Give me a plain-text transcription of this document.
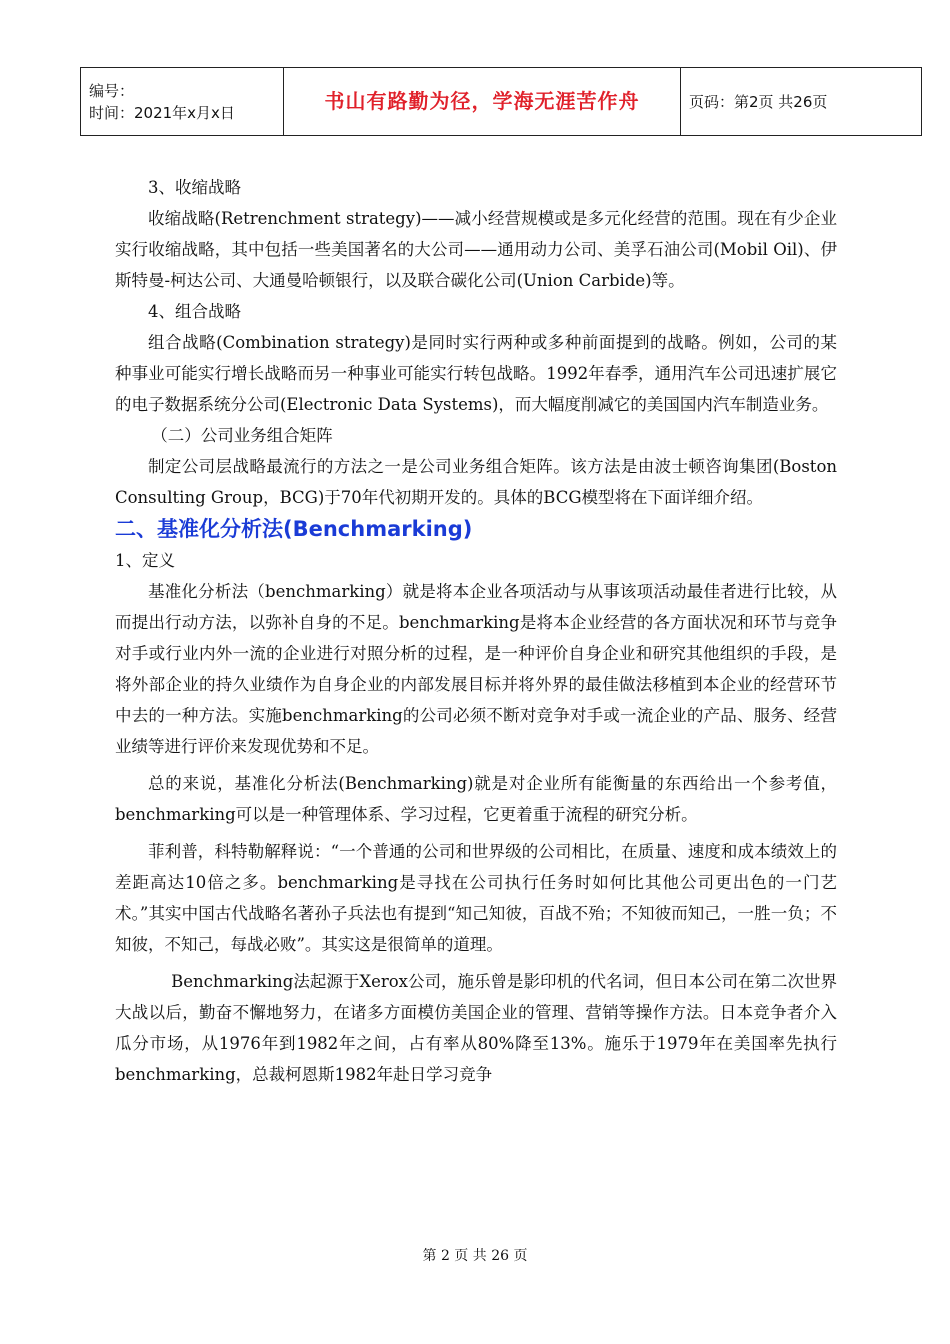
编号：
时间：2021年x月x日	书山有路勤为径，学海无涯苦作舟	页码：第2页 共26页

3、收缩战略

收缩战略(Retrenchment strategy)——减小经营规模或是多元化经营的范围。现在有少企业实行收缩战略，其中包括一些美国著名的大公司——通用动力公司、美孚石油公司(Mobil Oil)、伊斯特曼-柯达公司、大通曼哈顿银行，以及联合碳化公司(Union Carbide)等。

4、组合战略

组合战略(Combination strategy)是同时实行两种或多种前面提到的战略。例如，公司的某种事业可能实行增长战略而另一种事业可能实行转包战略。1992年春季，通用汽车公司迅速扩展它的电子数据系统分公司(Electronic Data Systems)，而大幅度削减它的美国国内汽车制造业务。

（二）公司业务组合矩阵

制定公司层战略最流行的方法之一是公司业务组合矩阵。该方法是由波士顿咨询集团(Boston Consulting Group，BCG)于70年代初期开发的。具体的BCG模型将在下面详细介绍。

二、基准化分析法(Benchmarking)

1、定义

基准化分析法（benchmarking）就是将本企业各项活动与从事该项活动最佳者进行比较，从而提出行动方法，以弥补自身的不足。benchmarking是将本企业经营的各方面状况和环节与竞争对手或行业内外一流的企业进行对照分析的过程，是一种评价自身企业和研究其他组织的手段，是将外部企业的持久业绩作为自身企业的内部发展目标并将外界的最佳做法移植到本企业的经营环节中去的一种方法。实施benchmarking的公司必须不断对竞争对手或一流企业的产品、服务、经营业绩等进行评价来发现优势和不足。

总的来说，基准化分析法(Benchmarking)就是对企业所有能衡量的东西给出一个参考值，benchmarking可以是一种管理体系、学习过程，它更着重于流程的研究分析。

菲利普，科特勒解释说：“一个普通的公司和世界级的公司相比，在质量、速度和成本绩效上的差距高达10倍之多。benchmarking是寻找在公司执行任务时如何比其他公司更出色的一门艺术。”其实中国古代战略名著孙子兵法也有提到“知己知彼，百战不殆；不知彼而知己，一胜一负；不知彼，不知己，每战必败”。其实这是很简单的道理。

Benchmarking法起源于Xerox公司，施乐曾是影印机的代名词，但日本公司在第二次世界大战以后，勤奋不懈地努力，在诸多方面模仿美国企业的管理、营销等操作方法。日本竞争者介入瓜分市场，从1976年到1982年之间，占有率从80%降至13%。施乐于1979年在美国率先执行benchmarking，总裁柯恩斯1982年赴日学习竞争

第 2 页 共 26 页
